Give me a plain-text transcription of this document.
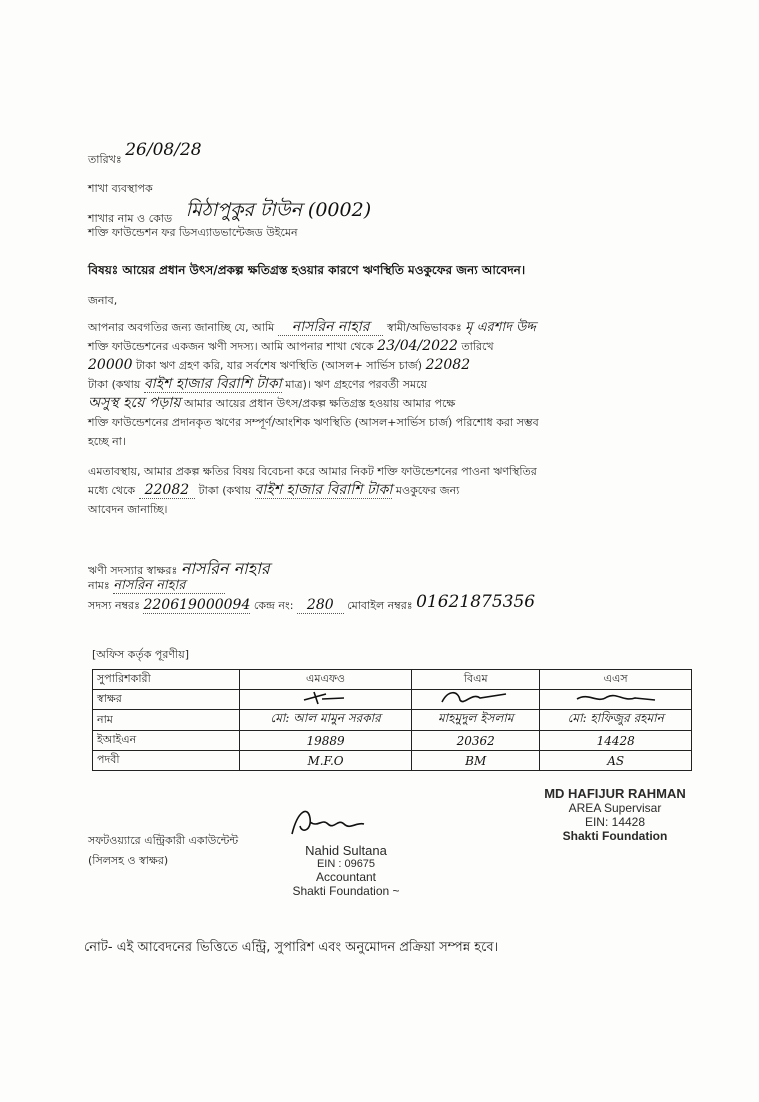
তারিখঃ 26/08/28
শাখা ব্যবস্থাপক
শাখার নাম ও কোড মিঠাপুকুর টাউন (0002)
শক্তি ফাউন্ডেশন ফর ডিসএ্যাডভান্টেজড উইমেন
বিষয়ঃ আয়ের প্রধান উৎস/প্রকল্প ক্ষতিগ্রস্ত হওয়ার কারণে ঋণস্থিতি মওকুফের জন্য আবেদন।
জনাব,
আপনার অবগতির জন্য জানাচ্ছি যে, আমি নাসরিন নাহার স্বামী/অভিভাবকঃ মৃ এরশাদ উদ্দ
শক্তি ফাউন্ডেশনের একজন ঋণী সদস্য। আমি আপনার শাখা থেকে 23/04/2022 তারিখে
20000 টাকা ঋণ গ্রহণ করি, যার সর্বশেষ ঋণস্থিতি (আসল+ সার্ভিস চার্জ) 22082
টাকা (কথায় বাইশ হাজার বিরাশি টাকা মাত্র)। ঋণ গ্রহণের পরবর্তী সময়ে
অসুস্থ হয়ে পড়ায় আমার আয়ের প্রধান উৎস/প্রকল্প ক্ষতিগ্রস্ত হওয়ায় আমার পক্ষে
শক্তি ফাউন্ডেশনের প্রদানকৃত ঋণের সম্পূর্ণ/আংশিক ঋণস্থিতি (আসল+সার্ভিস চার্জ) পরিশোধ করা সম্ভব
হচ্ছে না।
এমতাবস্থায়, আমার প্রকল্প ক্ষতির বিষয় বিবেচনা করে আমার নিকট শক্তি ফাউন্ডেশনের পাওনা ঋণস্থিতির
মধ্যে থেকে 22082 টাকা (কথায় বাইশ হাজার বিরাশি টাকা মওকুফের জন্য
আবেদন জানাচ্ছি।
ঋণী সদস্যার স্বাক্ষরঃ নাসরিন নাহার
নামঃ নাসরিন নাহার
সদস্য নম্বরঃ 220619000094 কেন্দ্র নং: 280 মোবাইল নম্বরঃ 01621875356
[অফিস কর্তৃক পূরণীয়]
সুপারিশকারী	এমএফও	বিএম	এএস
স্বাক্ষর			
নাম	মো: আল মামুন সরকার	মাহমুদুল ইসলাম	মো: হাফিজুর রহমান
ইআইএন	19889	20362	14428
পদবী	M.F.O	BM	AS
MD HAFIJUR RAHMAN
AREA Supervisar
EIN: 14428
Shakti Foundation
সফটওয়্যারে এন্ট্রিকারী একাউন্টেন্ট
(সিলসহ ও স্বাক্ষর)
Nahid Sultana
EIN : 09675
Accountant
Shakti Foundation ~
নোট- এই আবেদনের ভিত্তিতে এন্ট্রি, সুপারিশ এবং অনুমোদন প্রক্রিয়া সম্পন্ন হবে।
